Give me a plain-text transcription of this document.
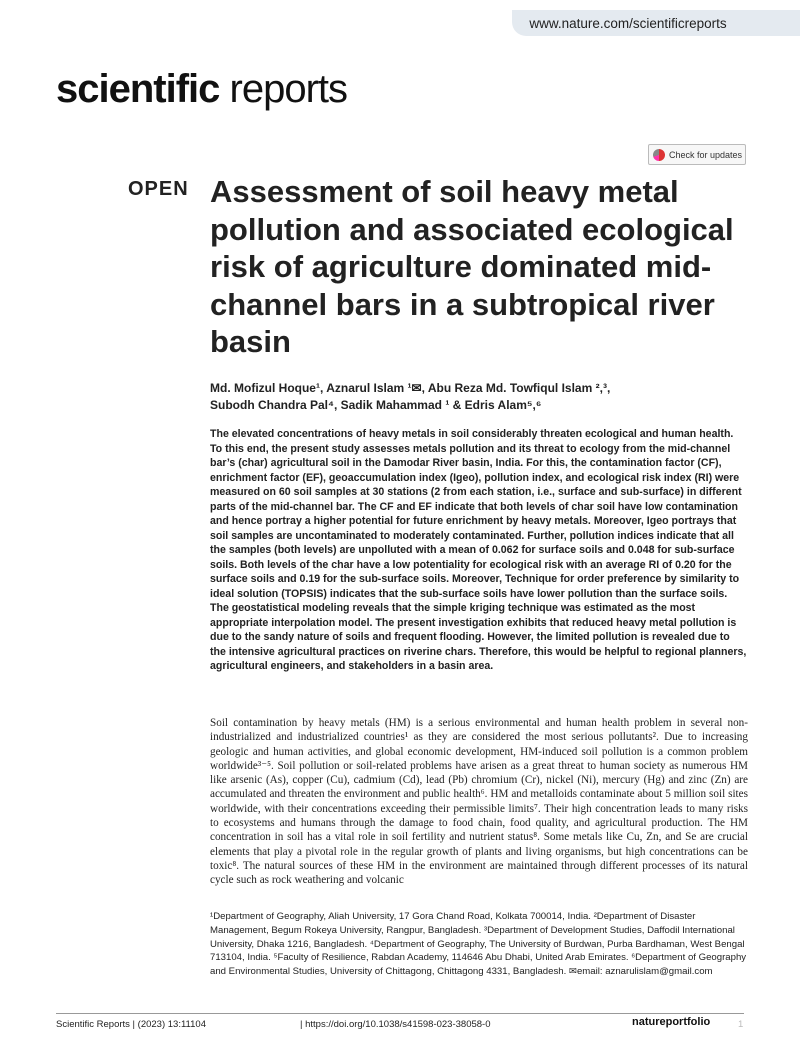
www.nature.com/scientificreports
scientific reports
Check for updates
OPEN Assessment of soil heavy metal pollution and associated ecological risk of agriculture dominated mid-channel bars in a subtropical river basin
Md. Mofizul Hoque¹, Aznarul Islam ¹✉, Abu Reza Md. Towfiqul Islam ²,³,
Subodh Chandra Pal⁴, Sadik Mahammad ¹ & Edris Alam⁵,⁶

The elevated concentrations of heavy metals in soil considerably threaten ecological and human health. To this end, the present study assesses metals pollution and its threat to ecology from the mid-channel bar’s (char) agricultural soil in the Damodar River basin, India. For this, the contamination factor (CF), enrichment factor (EF), geoaccumulation index (Igeo), pollution index, and ecological risk index (RI) were measured on 60 soil samples at 30 stations (2 from each station, i.e., surface and sub-surface) in different parts of the mid-channel bar. The CF and EF indicate that both levels of char soil have low contamination and hence portray a higher potential for future enrichment by heavy metals. Moreover, Igeo portrays that soil samples are uncontaminated to moderately contaminated. Further, pollution indices indicate that all the samples (both levels) are unpolluted with a mean of 0.062 for surface soils and 0.048 for sub-surface soils. Both levels of the char have a low potentiality for ecological risk with an average RI of 0.20 for the surface soils and 0.19 for the sub-surface soils. Moreover, Technique for order preference by similarity to ideal solution (TOPSIS) indicates that the sub-surface soils have lower pollution than the surface soils. The geostatistical modeling reveals that the simple kriging technique was estimated as the most appropriate interpolation model. The present investigation exhibits that reduced heavy metal pollution is due to the sandy nature of soils and frequent flooding. However, the limited pollution is revealed due to the intensive agricultural practices on riverine chars. Therefore, this would be helpful to regional planners, agricultural engineers, and stakeholders in a basin area.

Soil contamination by heavy metals (HM) is a serious environmental and human health problem in several non-industrialized and industrialized countries¹ as they are considered the most serious pollutants². Due to increasing geologic and human activities, and global economic development, HM-induced soil pollution is a common problem worldwide³⁻⁵. Soil pollution or soil-related problems have arisen as a great threat to human society as numerous HM like arsenic (As), copper (Cu), cadmium (Cd), lead (Pb) chromium (Cr), nickel (Ni), mercury (Hg) and zinc (Zn) are accumulated and threaten the environment and public health⁶. HM and metalloids contaminate about 5 million soil sites worldwide, with their concentrations exceeding their permissible limits⁷. Their high concentration leads to many risks to ecosystems and humans through the damage to food chain, food quality, and agricultural production. The HM concentration in soil has a vital role in soil fertility and nutrient status⁸. Some metals like Cu, Zn, and Se are crucial elements that play a pivotal role in the regular growth of plants and living organisms, but high concentrations can be toxic⁸. The natural sources of these HM in the environment are maintained through different processes of its natural cycle such as rock weathering and volcanic

¹Department of Geography, Aliah University, 17 Gora Chand Road, Kolkata 700014, India. ²Department of Disaster Management, Begum Rokeya University, Rangpur, Bangladesh. ³Department of Development Studies, Daffodil International University, Dhaka 1216, Bangladesh. ⁴Department of Geography, The University of Burdwan, Purba Bardhaman, West Bengal 713104, India. ⁵Faculty of Resilience, Rabdan Academy, 114646 Abu Dhabi, United Arab Emirates. ⁶Department of Geography and Environmental Studies, University of Chittagong, Chittagong 4331, Bangladesh. ✉email: aznarulislam@gmail.com

Scientific Reports | (2023) 13:11104	| https://doi.org/10.1038/s41598-023-38058-0	natureportfolio	1
